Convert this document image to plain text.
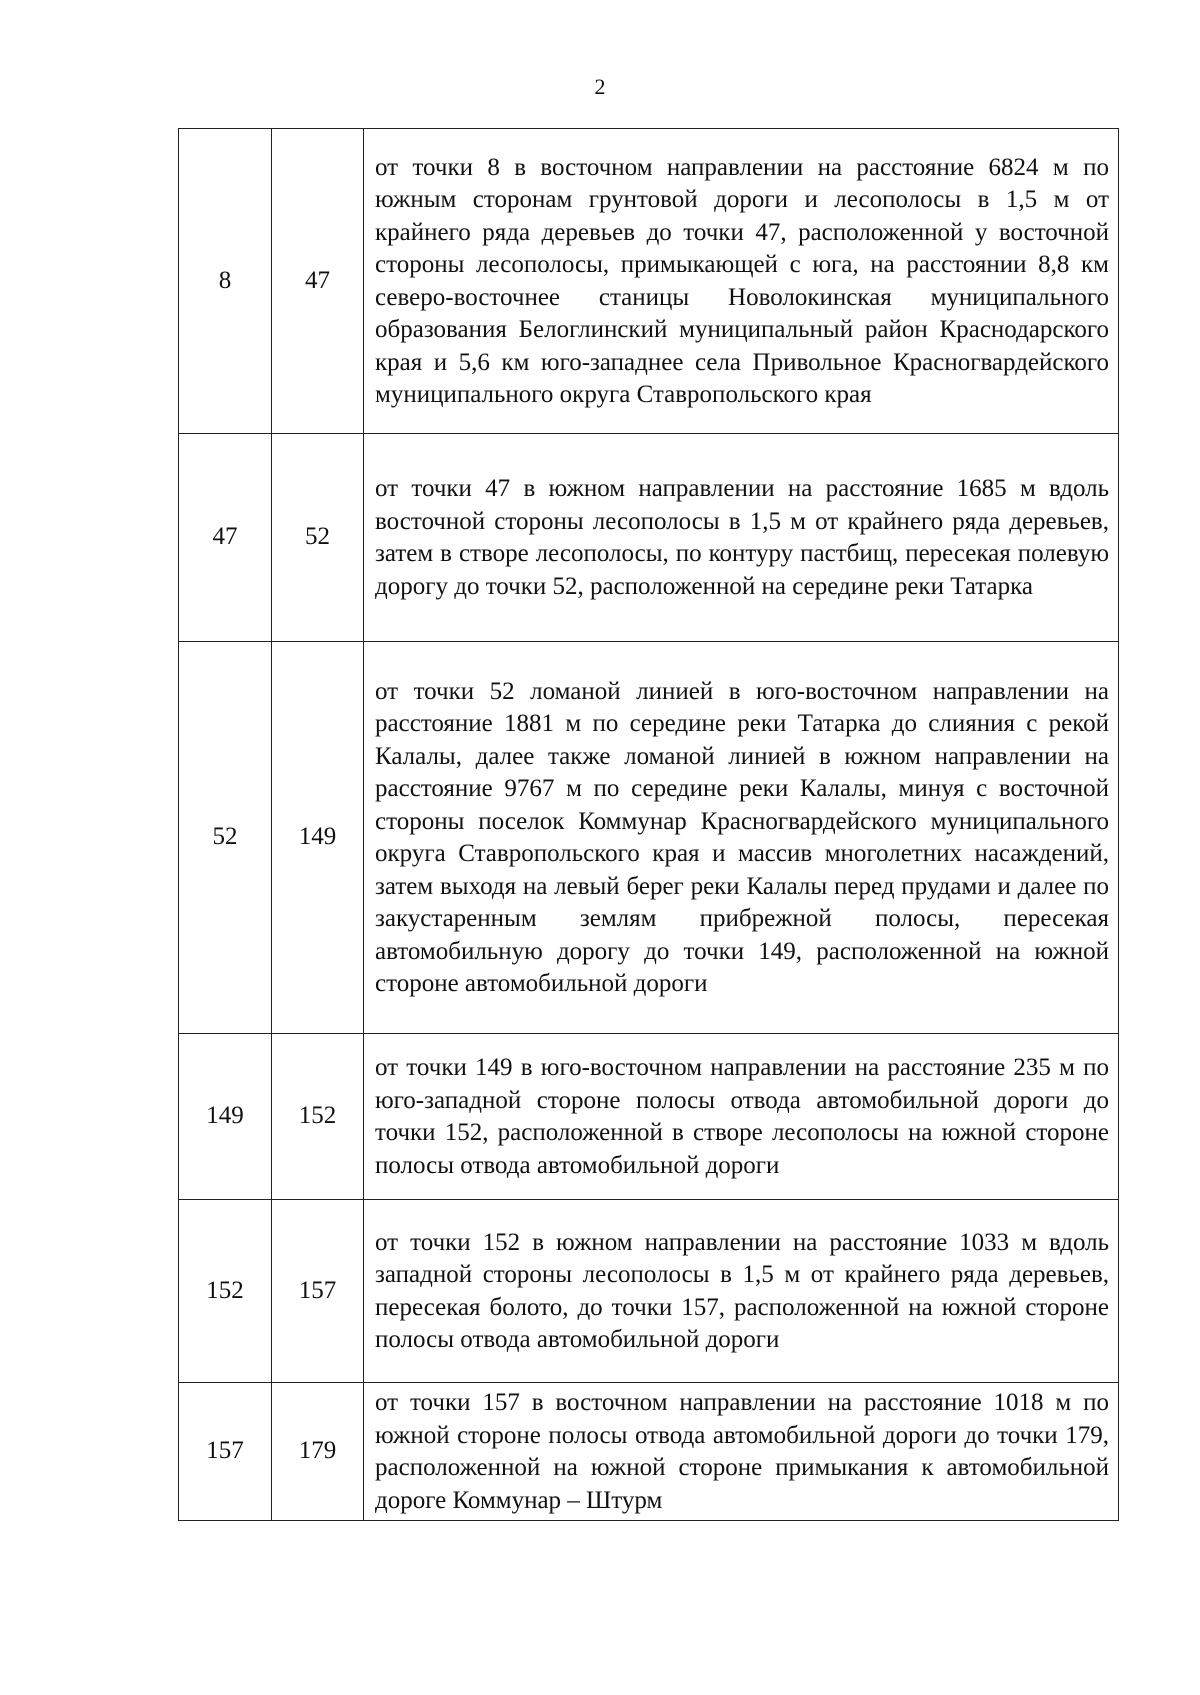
2
8	47	от точки 8 в восточном направлении на расстояние 6824 м по южным сторонам грунтовой дороги и лесополосы в 1,5 м от крайнего ряда деревьев до точки 47, расположенной у восточной стороны лесополосы, примыкающей с юга, на расстоянии 8,8 км северо-восточнее станицы Новолокинская муниципального образования Белоглинский муниципальный район Краснодарского края и 5,6 км юго-западнее села Привольное Красногвардейского муниципального округа Ставропольского края
47	52	от точки 47 в южном направлении на расстояние 1685 м вдоль восточной стороны лесополосы в 1,5 м от крайнего ряда деревьев, затем в створе лесополосы, по контуру пастбищ, пересекая полевую дорогу до точки 52, расположенной на середине реки Татарка
52	149	от точки 52 ломаной линией в юго-восточном направлении на расстояние 1881 м по середине реки Татарка до слияния с рекой Калалы, далее также ломаной линией в южном направлении на расстояние 9767 м по середине реки Калалы, минуя с восточной стороны поселок Коммунар Красногвардейского муниципального округа Ставропольского края и массив многолетних насаждений, затем выходя на левый берег реки Калалы перед прудами и далее по закустаренным землям прибрежной полосы, пересекая автомобильную дорогу до точки 149, расположенной на южной стороне автомобильной дороги
149	152	от точки 149 в юго-восточном направлении на расстояние 235 м по юго-западной стороне полосы отвода автомобильной дороги до точки 152, расположенной в створе лесополосы на южной стороне полосы отвода автомобильной дороги
152	157	от точки 152 в южном направлении на расстояние 1033 м вдоль западной стороны лесополосы в 1,5 м от крайнего ряда деревьев, пересекая болото, до точки 157, расположенной на южной стороне полосы отвода автомобильной дороги
157	179	от точки 157 в восточном направлении на расстояние 1018 м по южной стороне полосы отвода автомобильной дороги до точки 179, расположенной на южной стороне примыкания к автомобильной дороге Коммунар – Штурм
